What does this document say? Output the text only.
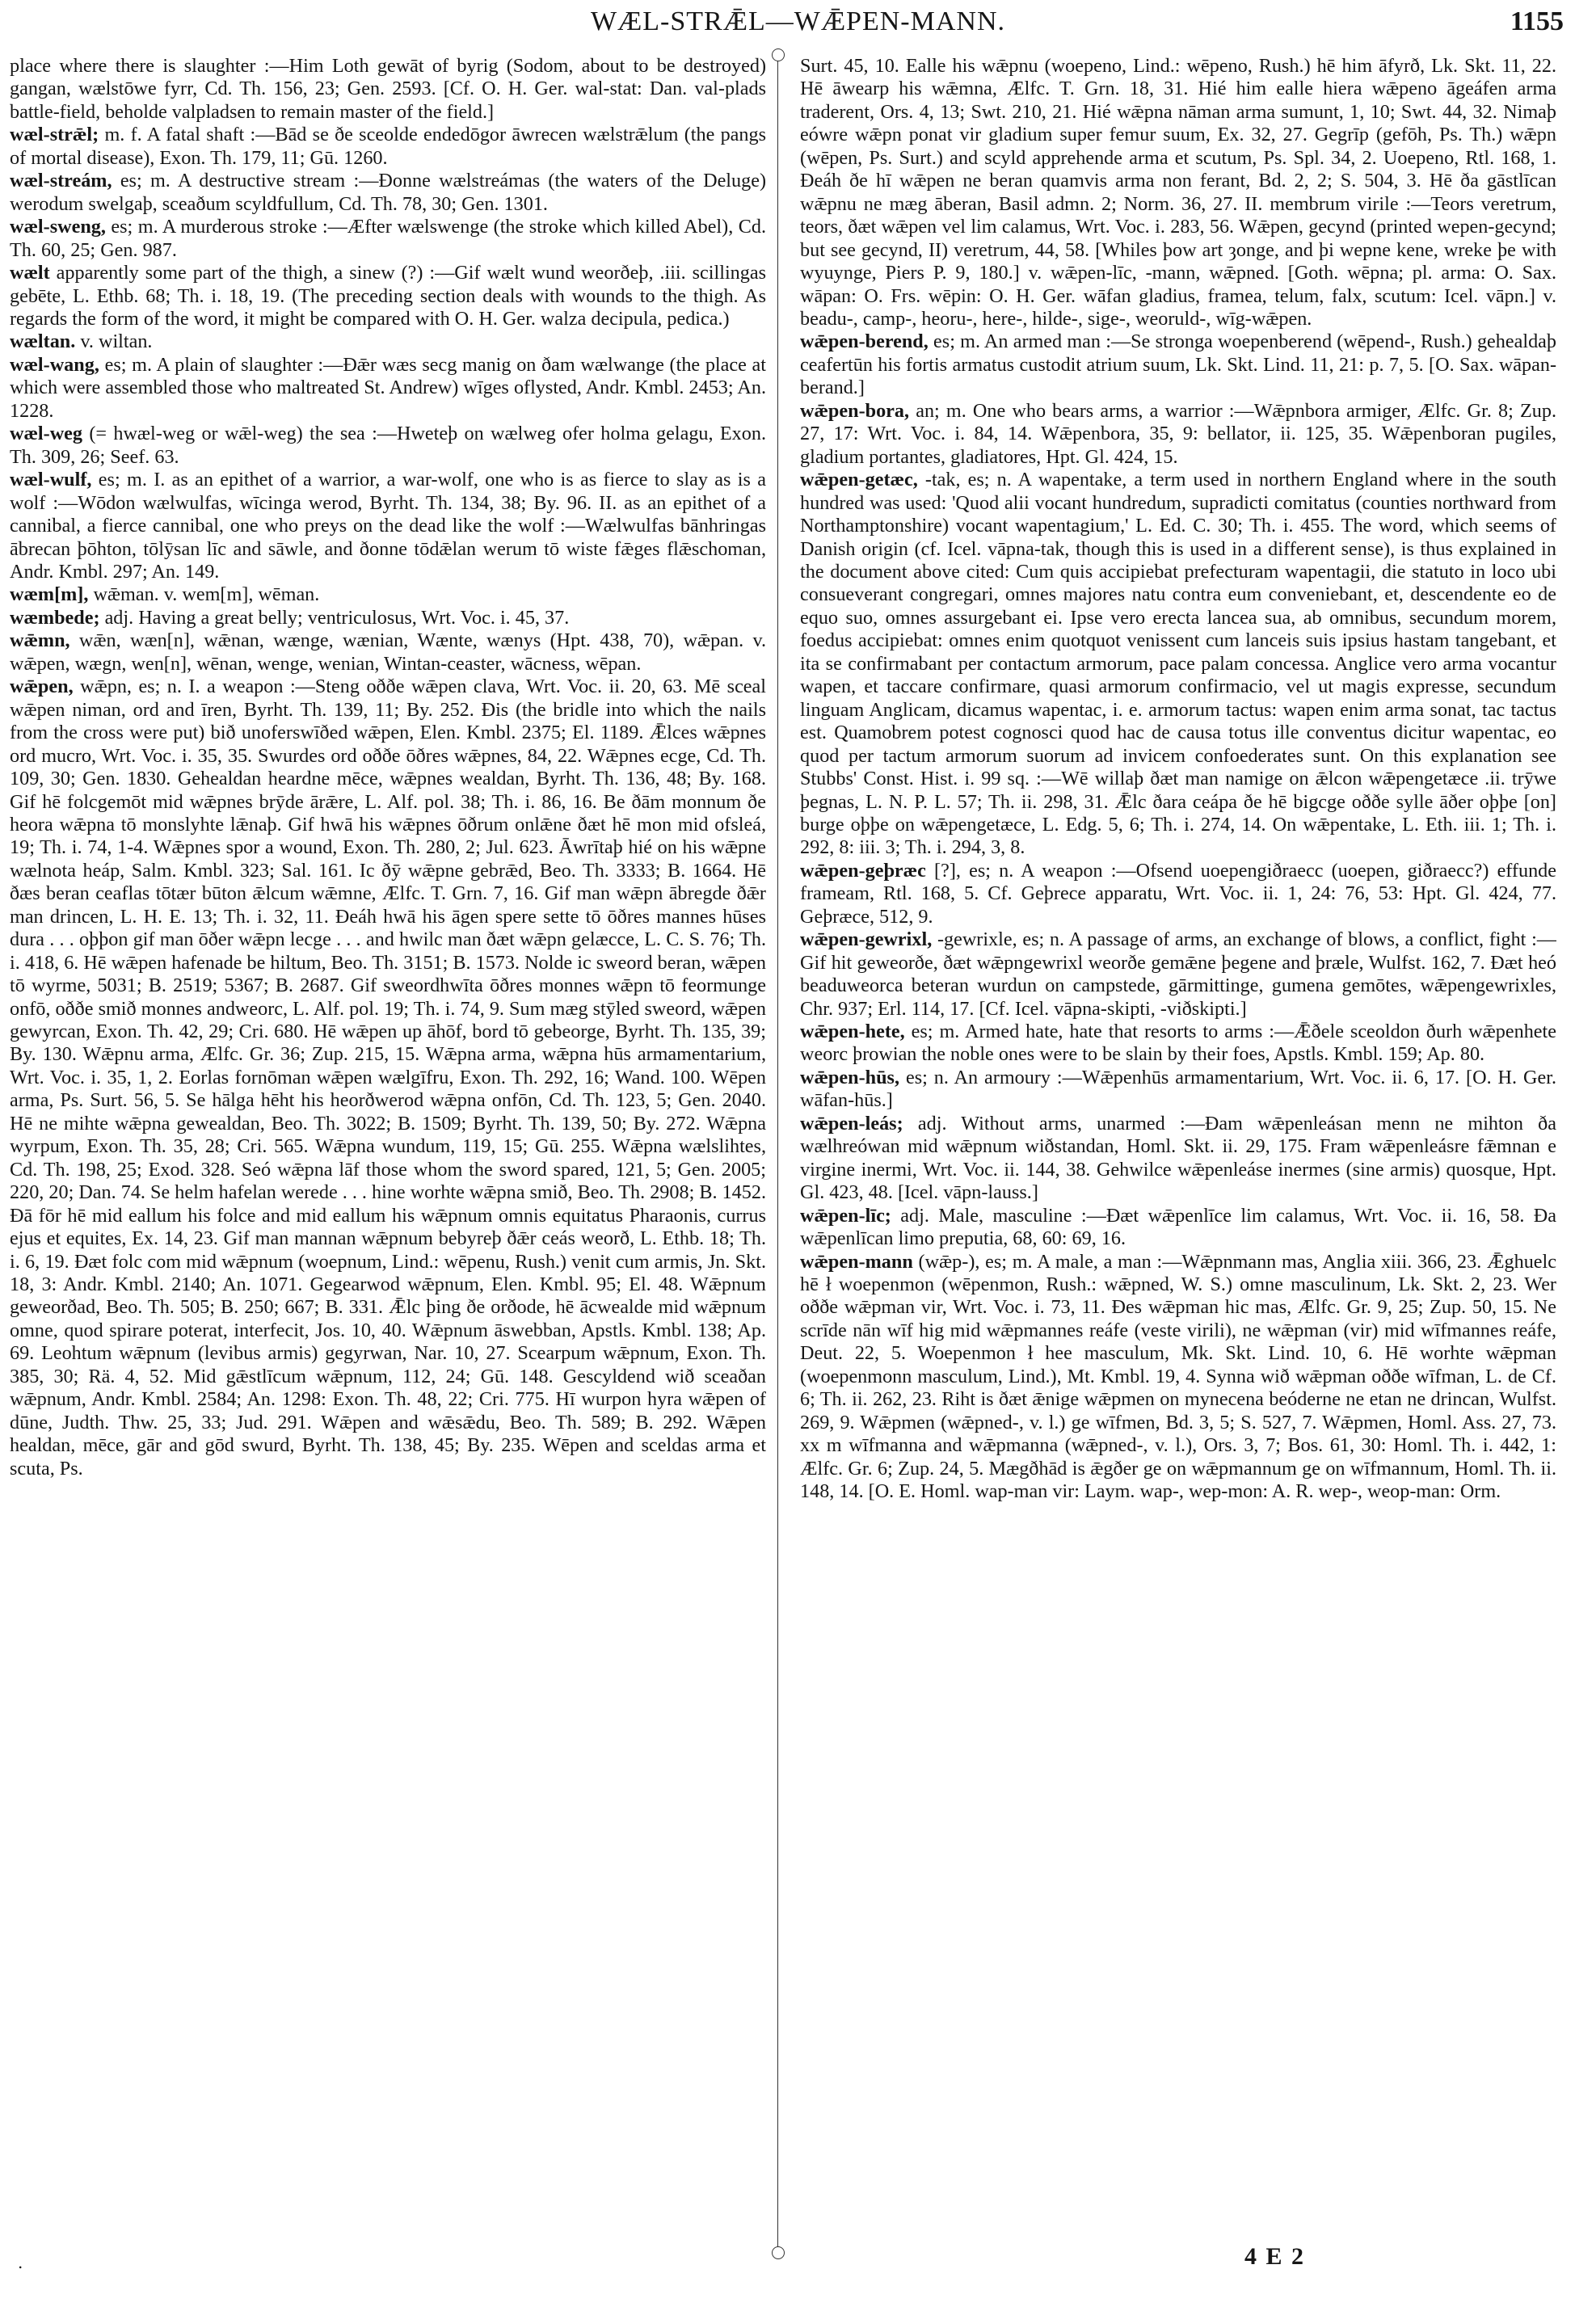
WÆL-STRǢL—WǢPEN-MANN.	1155

place where there is slaughter :—Him Loth gewāt of byrig (Sodom, about to be destroyed) gangan, wælstōwe fyrr, Cd. Th. 156, 23; Gen. 2593. [Cf. O. H. Ger. wal-stat: Dan. val-plads battle-field, beholde valpladsen to remain master of the field.]

wæl-strǣl; m. f. A fatal shaft :—Bād se ðe sceolde endedōgor āwrecen wælstrǣlum (the pangs of mortal disease), Exon. Th. 179, 11; Gū. 1260.

wæl-streám, es; m. A destructive stream :—Ðonne wælstreámas (the waters of the Deluge) werodum swelgaþ, sceaðum scyldfullum, Cd. Th. 78, 30; Gen. 1301.

wæl-sweng, es; m. A murderous stroke :—Æfter wælswenge (the stroke which killed Abel), Cd. Th. 60, 25; Gen. 987.

wælt apparently some part of the thigh, a sinew (?) :—Gif wælt wund weorðeþ, .iii. scillingas gebēte, L. Ethb. 68; Th. i. 18, 19. (The preceding section deals with wounds to the thigh. As regards the form of the word, it might be compared with O. H. Ger. walza decipula, pedica.)

wæltan. v. wiltan.

wæl-wang, es; m. A plain of slaughter :—Ðǣr wæs secg manig on ðam wælwange (the place at which were assembled those who maltreated St. Andrew) wīges oflysted, Andr. Kmbl. 2453; An. 1228.

wæl-weg (= hwæl-weg or wǣl-weg) the sea :—Hweteþ on wælweg ofer holma gelagu, Exon. Th. 309, 26; Seef. 63.

wæl-wulf, es; m. I. as an epithet of a warrior, a war-wolf, one who is as fierce to slay as is a wolf :—Wōdon wælwulfas, wīcinga werod, Byrht. Th. 134, 38; By. 96. II. as an epithet of a cannibal, a fierce cannibal, one who preys on the dead like the wolf :—Wælwulfas bānhringas ābrecan þōhton, tōlȳsan līc and sāwle, and ðonne tōdǣlan werum tō wiste fǣges flǣschoman, Andr. Kmbl. 297; An. 149.

wæm[m], wǣman. v. wem[m], wēman.

wæmbede; adj. Having a great belly; ventriculosus, Wrt. Voc. i. 45, 37.

wǣmn, wǣn, wæn[n], wǣnan, wænge, wænian, Wænte, wænys (Hpt. 438, 70), wǣpan. v. wǣpen, wægn, wen[n], wēnan, wenge, wenian, Wintan-ceaster, wācness, wēpan.

wǣpen, wǣpn, es; n. I. a weapon :—Steng oððe wǣpen clava, Wrt. Voc. ii. 20, 63. Mē sceal wǣpen niman, ord and īren, Byrht. Th. 139, 11; By. 252. Ðis (the bridle into which the nails from the cross were put) bið unoferswīðed wǣpen, Elen. Kmbl. 2375; El. 1189. Ǣlces wǣpnes ord mucro, Wrt. Voc. i. 35, 35. Swurdes ord oððe ōðres wǣpnes, 84, 22. Wǣpnes ecge, Cd. Th. 109, 30; Gen. 1830. Gehealdan heardne mēce, wǣpnes wealdan, Byrht. Th. 136, 48; By. 168. Gif hē folcgemōt mid wǣpnes brȳde ārǣre, L. Alf. pol. 38; Th. i. 86, 16. Be ðām monnum ðe heora wǣpna tō monslyhte lǣnaþ. Gif hwā his wǣpnes ōðrum onlǣne ðæt hē mon mid ofsleá, 19; Th. i. 74, 1-4. Wǣpnes spor a wound, Exon. Th. 280, 2; Jul. 623. Āwrītaþ hié on his wǣpne wælnota heáp, Salm. Kmbl. 323; Sal. 161. Ic ðȳ wǣpne gebrǣd, Beo. Th. 3333; B. 1664. Hē ðæs beran ceaflas tōtær būton ǣlcum wǣmne, Ælfc. T. Grn. 7, 16. Gif man wǣpn ābregde ðǣr man drincen, L. H. E. 13; Th. i. 32, 11. Ðeáh hwā his āgen spere sette tō ōðres mannes hūses dura . . . oþþon gif man ōðer wǣpn lecge . . . and hwilc man ðæt wǣpn gelæcce, L. C. S. 76; Th. i. 418, 6. Hē wǣpen hafenade be hiltum, Beo. Th. 3151; B. 1573. Nolde ic sweord beran, wǣpen tō wyrme, 5031; B. 2519; 5367; B. 2687. Gif sweordhwīta ōðres monnes wǣpn tō feormunge onfō, oððe smið monnes andweorc, L. Alf. pol. 19; Th. i. 74, 9. Sum mæg stȳled sweord, wǣpen gewyrcan, Exon. Th. 42, 29; Cri. 680. Hē wǣpen up āhōf, bord tō gebeorge, Byrht. Th. 135, 39; By. 130. Wǣpnu arma, Ælfc. Gr. 36; Zup. 215, 15. Wǣpna arma, wǣpna hūs armamentarium, Wrt. Voc. i. 35, 1, 2. Eorlas fornōman wǣpen wælgīfru, Exon. Th. 292, 16; Wand. 100. Wēpen arma, Ps. Surt. 56, 5. Se hālga hēht his heorðwerod wǣpna onfōn, Cd. Th. 123, 5; Gen. 2040. Hē ne mihte wǣpna gewealdan, Beo. Th. 3022; B. 1509; Byrht. Th. 139, 50; By. 272. Wǣpna wyrpum, Exon. Th. 35, 28; Cri. 565. Wǣpna wundum, 119, 15; Gū. 255. Wǣpna wælslihtes, Cd. Th. 198, 25; Exod. 328. Seó wǣpna lāf those whom the sword spared, 121, 5; Gen. 2005; 220, 20; Dan. 74. Se helm hafelan werede . . . hine worhte wǣpna smið, Beo. Th. 2908; B. 1452. Ðā fōr hē mid eallum his folce and mid eallum his wǣpnum omnis equitatus Pharaonis, currus ejus et equites, Ex. 14, 23. Gif man mannan wǣpnum bebyreþ ðǣr ceás weorð, L. Ethb. 18; Th. i. 6, 19. Ðæt folc com mid wǣpnum (woepnum, Lind.: wēpenu, Rush.) venit cum armis, Jn. Skt. 18, 3: Andr. Kmbl. 2140; An. 1071. Gegearwod wǣpnum, Elen. Kmbl. 95; El. 48. Wǣpnum geweorðad, Beo. Th. 505; B. 250; 667; B. 331. Ǣlc þing ðe orðode, hē ācwealde mid wǣpnum omne, quod spirare poterat, interfecit, Jos. 10, 40. Wǣpnum āswebban, Apstls. Kmbl. 138; Ap. 69. Leohtum wǣpnum (levibus armis) gegyrwan, Nar. 10, 27. Scearpum wǣpnum, Exon. Th. 385, 30; Rä. 4, 52. Mid gǣstlīcum wǣpnum, 112, 24; Gū. 148. Gescyldend wið sceaðan wǣpnum, Andr. Kmbl. 2584; An. 1298: Exon. Th. 48, 22; Cri. 775. Hī wurpon hyra wǣpen of dūne, Judth. Thw. 25, 33; Jud. 291. Wǣpen and wǣsǣdu, Beo. Th. 589; B. 292. Wǣpen healdan, mēce, gār and gōd swurd, Byrht. Th. 138, 45; By. 235. Wēpen and sceldas arma et scuta, Ps.

Surt. 45, 10. Ealle his wǣpnu (woepeno, Lind.: wēpeno, Rush.) hē him āfyrð, Lk. Skt. 11, 22. Hē āwearp his wǣmna, Ælfc. T. Grn. 18, 31. Hié him ealle hiera wǣpeno āgeáfen arma traderent, Ors. 4, 13; Swt. 210, 21. Hié wǣpna nāman arma sumunt, 1, 10; Swt. 44, 32. Nimaþ eówre wǣpn ponat vir gladium super femur suum, Ex. 32, 27. Gegrīp (gefōh, Ps. Th.) wǣpn (wēpen, Ps. Surt.) and scyld apprehende arma et scutum, Ps. Spl. 34, 2. Uoepeno, Rtl. 168, 1. Ðeáh ðe hī wǣpen ne beran quamvis arma non ferant, Bd. 2, 2; S. 504, 3. Hē ða gāstlīcan wǣpnu ne mæg āberan, Basil admn. 2; Norm. 36, 27. II. membrum virile :—Teors veretrum, teors, ðæt wǣpen vel lim calamus, Wrt. Voc. i. 283, 56. Wǣpen, gecynd (printed wepen-gecynd; but see gecynd, II) veretrum, 44, 58. [Whiles þow art ȝonge, and þi wepne kene, wreke þe with wyuynge, Piers P. 9, 180.] v. wǣpen-līc, -mann, wǣpned. [Goth. wēpna; pl. arma: O. Sax. wāpan: O. Frs. wēpin: O. H. Ger. wāfan gladius, framea, telum, falx, scutum: Icel. vāpn.] v. beadu-, camp-, heoru-, here-, hilde-, sige-, weoruld-, wīg-wǣpen.

wǣpen-berend, es; m. An armed man :—Se stronga woepenberend (wēpend-, Rush.) gehealdaþ ceafertūn his fortis armatus custodit atrium suum, Lk. Skt. Lind. 11, 21: p. 7, 5. [O. Sax. wāpan-berand.]

wǣpen-bora, an; m. One who bears arms, a warrior :—Wǣpnbora armiger, Ælfc. Gr. 8; Zup. 27, 17: Wrt. Voc. i. 84, 14. Wǣpenbora, 35, 9: bellator, ii. 125, 35. Wǣpenboran pugiles, gladium portantes, gladiatores, Hpt. Gl. 424, 15.

wǣpen-getæc, -tak, es; n. A wapentake, a term used in northern England where in the south hundred was used: 'Quod alii vocant hundredum, supradicti comitatus (counties northward from Northamptonshire) vocant wapentagium,' L. Ed. C. 30; Th. i. 455. The word, which seems of Danish origin (cf. Icel. vāpna-tak, though this is used in a different sense), is thus explained in the document above cited: Cum quis accipiebat prefecturam wapentagii, die statuto in loco ubi consueverant congregari, omnes majores natu contra eum conveniebant, et, descendente eo de equo suo, omnes assurgebant ei. Ipse vero erecta lancea sua, ab omnibus, secundum morem, foedus accipiebat: omnes enim quotquot venissent cum lanceis suis ipsius hastam tangebant, et ita se confirmabant per contactum armorum, pace palam concessa. Anglice vero arma vocantur wapen, et taccare confirmare, quasi armorum confirmacio, vel ut magis expresse, secundum linguam Anglicam, dicamus wapentac, i. e. armorum tactus: wapen enim arma sonat, tac tactus est. Quamobrem potest cognosci quod hac de causa totus ille conventus dicitur wapentac, eo quod per tactum armorum suorum ad invicem confoederates sunt. On this explanation see Stubbs' Const. Hist. i. 99 sq. :—Wē willaþ ðæt man namige on ǣlcon wǣpengetæce .ii. trȳwe þegnas, L. N. P. L. 57; Th. ii. 298, 31. Ǣlc ðara ceápa ðe hē bigcge oððe sylle āðer oþþe [on] burge oþþe on wǣpengetæce, L. Edg. 5, 6; Th. i. 274, 14. On wǣpentake, L. Eth. iii. 1; Th. i. 292, 8: iii. 3; Th. i. 294, 3, 8.

wǣpen-geþræc [?], es; n. A weapon :—Ofsend uoepengiðraecc (uoepen, giðraecc?) effunde frameam, Rtl. 168, 5. Cf. Geþrece apparatu, Wrt. Voc. ii. 1, 24: 76, 53: Hpt. Gl. 424, 77. Geþræce, 512, 9.

wǣpen-gewrixl, -gewrixle, es; n. A passage of arms, an exchange of blows, a conflict, fight :—Gif hit geweorðe, ðæt wǣpngewrixl weorðe gemǣne þegene and þræle, Wulfst. 162, 7. Ðæt heó beaduweorca beteran wurdun on campstede, gārmittinge, gumena gemōtes, wǣpengewrixles, Chr. 937; Erl. 114, 17. [Cf. Icel. vāpna-skipti, -viðskipti.]

wǣpen-hete, es; m. Armed hate, hate that resorts to arms :—Ǣðele sceoldon ðurh wǣpenhete weorc þrowian the noble ones were to be slain by their foes, Apstls. Kmbl. 159; Ap. 80.

wǣpen-hūs, es; n. An armoury :—Wǣpenhūs armamentarium, Wrt. Voc. ii. 6, 17. [O. H. Ger. wāfan-hūs.]

wǣpen-leás; adj. Without arms, unarmed :—Ðam wǣpenleásan menn ne mihton ða wælhreówan mid wǣpnum wiðstandan, Homl. Skt. ii. 29, 175. Fram wǣpenleásre fǣmnan e virgine inermi, Wrt. Voc. ii. 144, 38. Gehwilce wǣpenleáse inermes (sine armis) quosque, Hpt. Gl. 423, 48. [Icel. vāpn-lauss.]

wǣpen-līc; adj. Male, masculine :—Ðæt wǣpenlīce lim calamus, Wrt. Voc. ii. 16, 58. Ða wǣpenlīcan limo preputia, 68, 60: 69, 16.

wǣpen-mann (wǣp-), es; m. A male, a man :—Wǣpnmann mas, Anglia xiii. 366, 23. Ǣghuelc hē ł woepenmon (wēpenmon, Rush.: wǣpned, W. S.) omne masculinum, Lk. Skt. 2, 23. Wer oððe wǣpman vir, Wrt. Voc. i. 73, 11. Ðes wǣpman hic mas, Ælfc. Gr. 9, 25; Zup. 50, 15. Ne scrīde nān wīf hig mid wǣpmannes reáfe (veste virili), ne wǣpman (vir) mid wīfmannes reáfe, Deut. 22, 5. Woepenmon ł hee masculum, Mk. Skt. Lind. 10, 6. Hē worhte wǣpman (woepenmonn masculum, Lind.), Mt. Kmbl. 19, 4. Synna wið wǣpman oððe wīfman, L. de Cf. 6; Th. ii. 262, 23. Riht is ðæt ǣnige wǣpmen on mynecena beóderne ne etan ne drincan, Wulfst. 269, 9. Wǣpmen (wǣpned-, v. l.) ge wīfmen, Bd. 3, 5; S. 527, 7. Wǣpmen, Homl. Ass. 27, 73. xx m wīfmanna and wǣpmanna (wǣpned-, v. l.), Ors. 3, 7; Bos. 61, 30: Homl. Th. i. 442, 1: Ælfc. Gr. 6; Zup. 24, 5. Mægðhād is ǣgðer ge on wǣpmannum ge on wīfmannum, Homl. Th. ii. 148, 14. [O. E. Homl. wap-man vir: Laym. wap-, wep-mon: A. R. wep-, weop-man: Orm.

.	4 E 2
